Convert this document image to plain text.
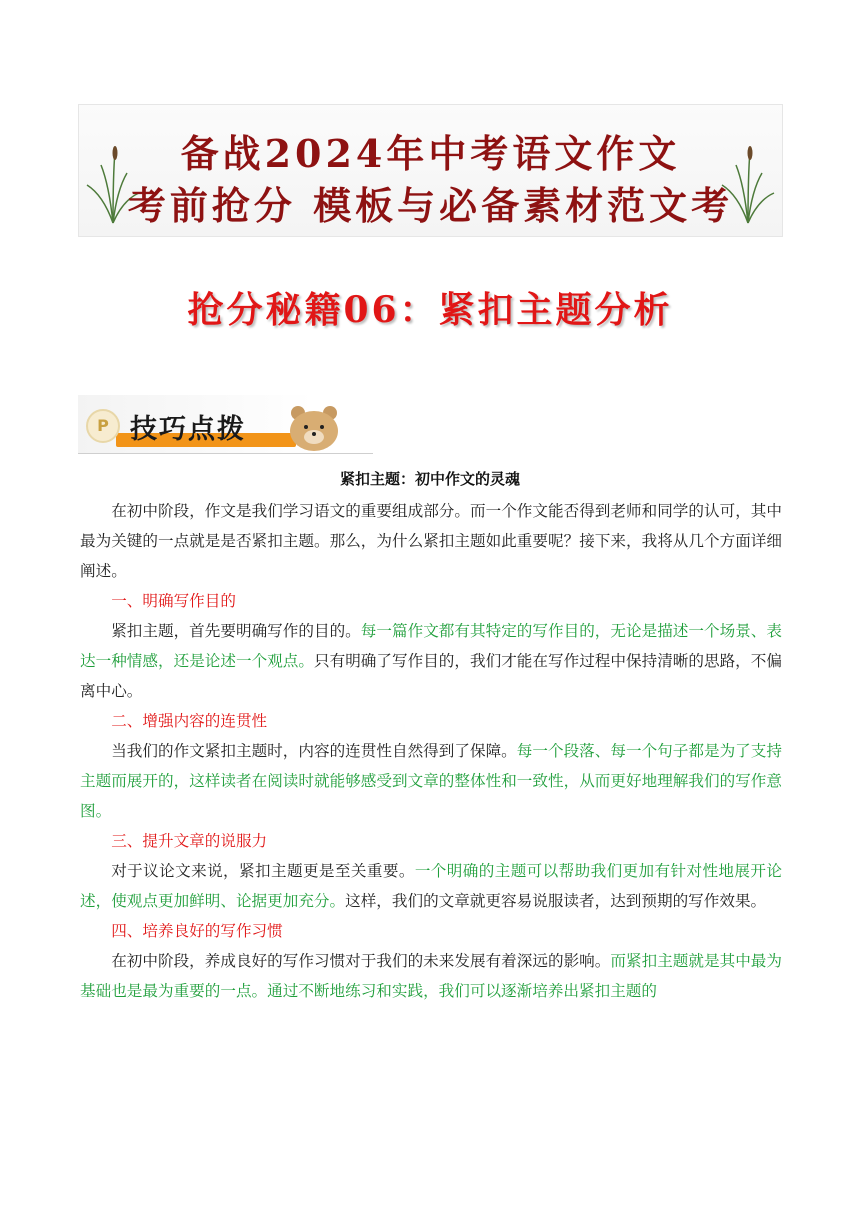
备战2024年中考语文作文
考前抢分 模板与必备素材范文考
抢分秘籍06：紧扣主题分析
P 技巧点拨
紧扣主题：初中作文的灵魂

在初中阶段，作文是我们学习语文的重要组成部分。而一个作文能否得到老师和同学的认可，其中最为关键的一点就是是否紧扣主题。那么，为什么紧扣主题如此重要呢？接下来，我将从几个方面详细阐述。

一、明确写作目的

紧扣主题，首先要明确写作的目的。每一篇作文都有其特定的写作目的，无论是描述一个场景、表达一种情感，还是论述一个观点。只有明确了写作目的，我们才能在写作过程中保持清晰的思路，不偏离中心。

二、增强内容的连贯性

当我们的作文紧扣主题时，内容的连贯性自然得到了保障。每一个段落、每一个句子都是为了支持主题而展开的，这样读者在阅读时就能够感受到文章的整体性和一致性，从而更好地理解我们的写作意图。

三、提升文章的说服力

对于议论文来说，紧扣主题更是至关重要。一个明确的主题可以帮助我们更加有针对性地展开论述，使观点更加鲜明、论据更加充分。这样，我们的文章就更容易说服读者，达到预期的写作效果。

四、培养良好的写作习惯

在初中阶段，养成良好的写作习惯对于我们的未来发展有着深远的影响。而紧扣主题就是其中最为基础也是最为重要的一点。通过不断地练习和实践，我们可以逐渐培养出紧扣主题的
